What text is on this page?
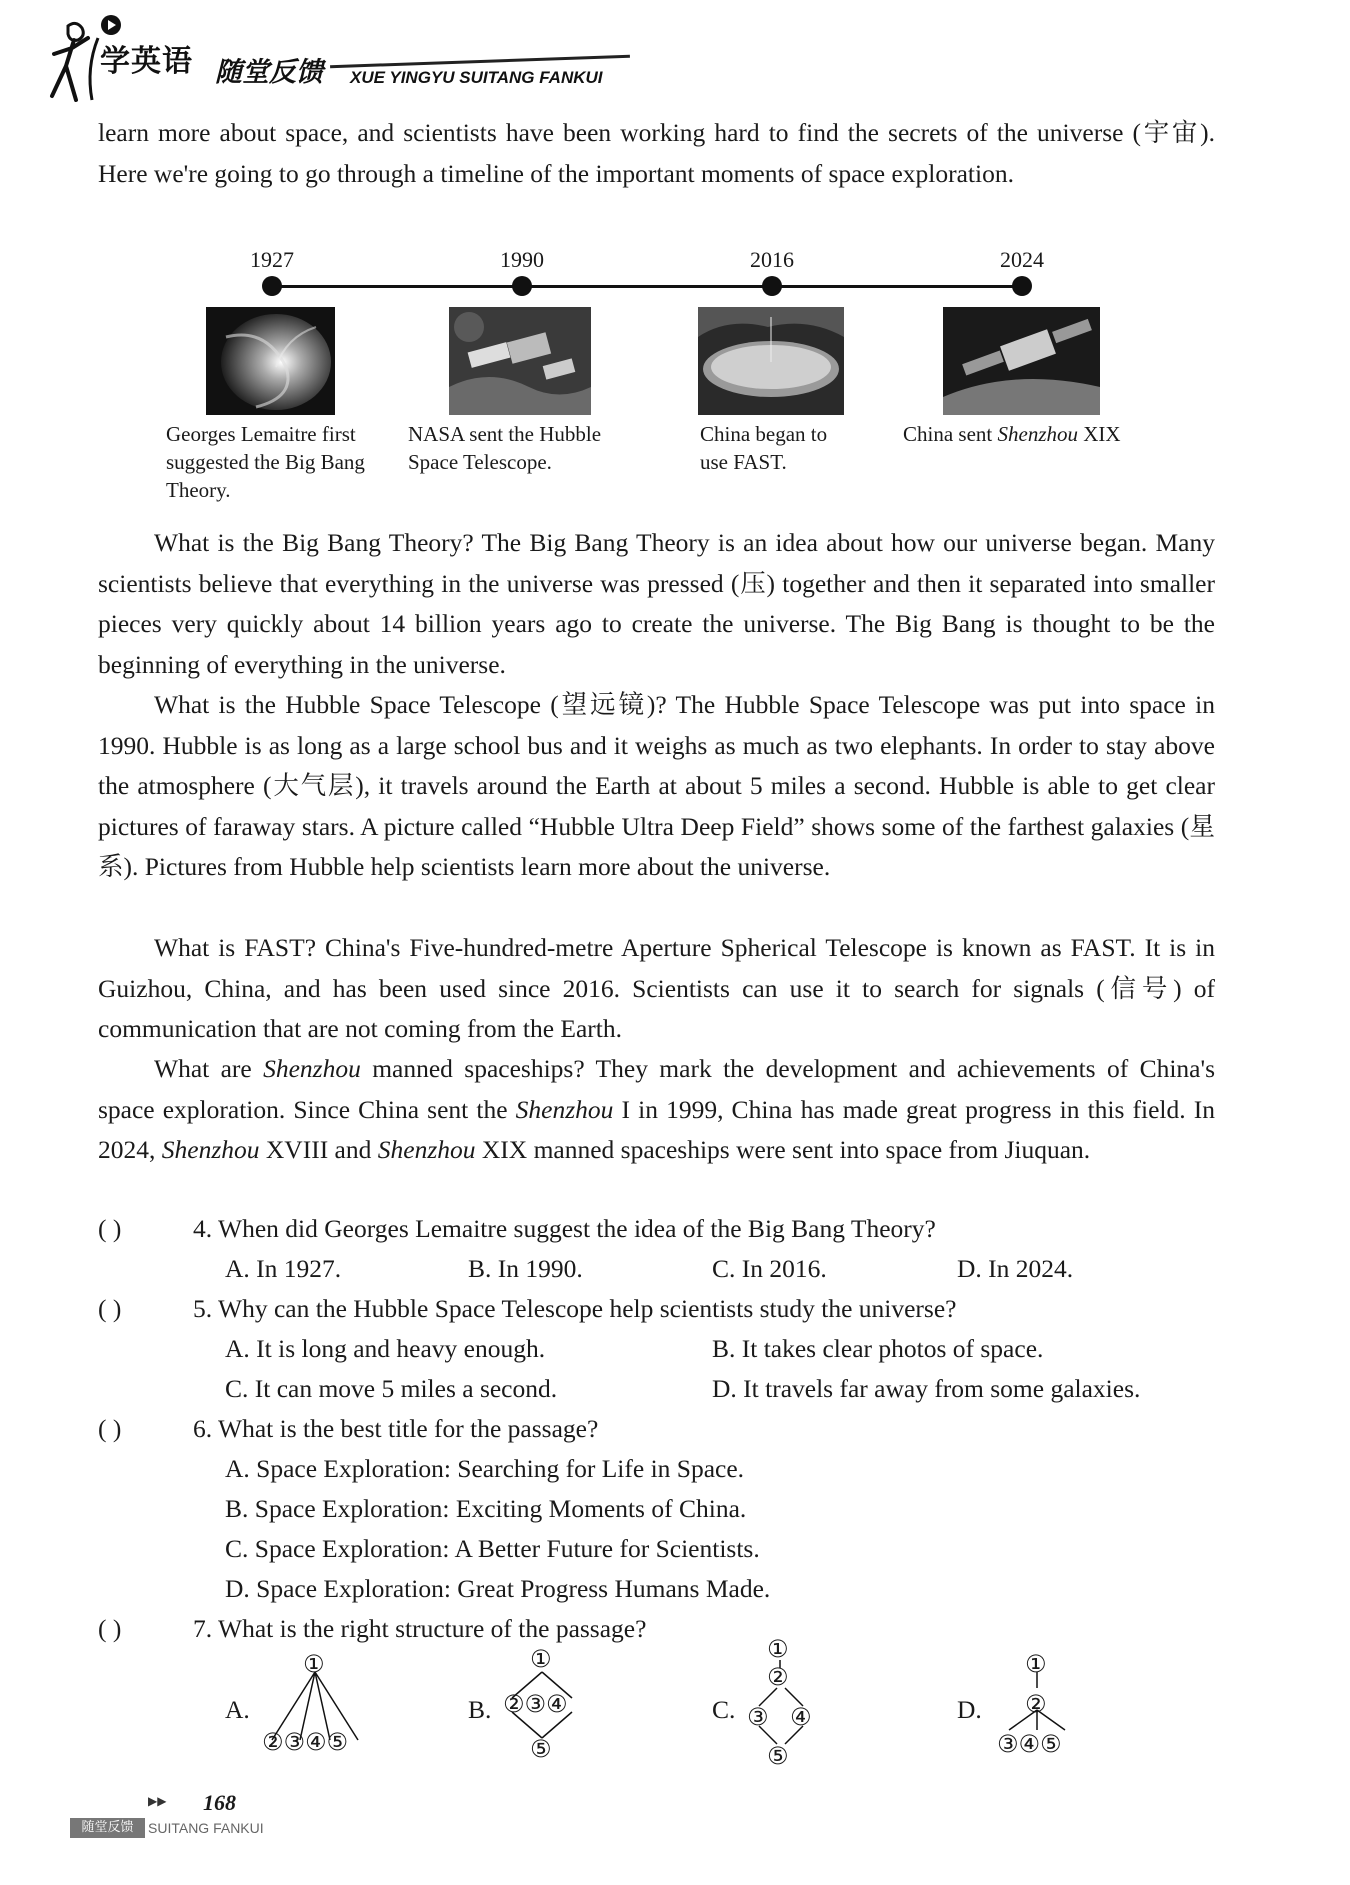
学英语 随堂反馈 XUE YINGYU SUITANG FANKUI
learn more about space, and scientists have been working hard to find the secrets of the universe (宇宙). Here we're going to go through a timeline of the important moments of space exploration.
1927	1990	2016	2024
Georges Lemaitre first suggested the Big Bang Theory.
NASA sent the Hubble Space Telescope.
China began to use FAST.
China sent Shenzhou XIX
What is the Big Bang Theory? The Big Bang Theory is an idea about how our universe began. Many scientists believe that everything in the universe was pressed (压) together and then it separated into smaller pieces very quickly about 14 billion years ago to create the universe. The Big Bang is thought to be the beginning of everything in the universe.
What is the Hubble Space Telescope (望远镜)? The Hubble Space Telescope was put into space in 1990. Hubble is as long as a large school bus and it weighs as much as two elephants. In order to stay above the atmosphere (大气层), it travels around the Earth at about 5 miles a second. Hubble is able to get clear pictures of faraway stars. A picture called “Hubble Ultra Deep Field” shows some of the farthest galaxies (星系). Pictures from Hubble help scientists learn more about the universe.
What is FAST? China's Five-hundred-metre Aperture Spherical Telescope is known as FAST. It is in Guizhou, China, and has been used since 2016. Scientists can use it to search for signals (信号) of communication that are not coming from the Earth.
What are Shenzhou manned spaceships? They mark the development and achievements of China's space exploration. Since China sent the Shenzhou I in 1999, China has made great progress in this field. In 2024, Shenzhou XVIII and Shenzhou XIX manned spaceships were sent into space from Jiuquan.
( )	4. When did Georges Lemaitre suggest the idea of the Big Bang Theory?
A. In 1927.	B. In 1990.	C. In 2016.	D. In 2024.
( )	5. Why can the Hubble Space Telescope help scientists study the universe?
A. It is long and heavy enough.	B. It takes clear photos of space.
C. It can move 5 miles a second.	D. It travels far away from some galaxies.
( )	6. What is the best title for the passage?
A. Space Exploration: Searching for Life in Space.
B. Space Exploration: Exciting Moments of China.
C. Space Exploration: A Better Future for Scientists.
D. Space Exploration: Great Progress Humans Made.
( )	7. What is the right structure of the passage?
A.
①
②③④⑤
B.
①
②③④
⑤
C.
①
②
③ ④
⑤
D.
①
②
③④⑤
▶▶ 168
随堂反馈	SUITANG FANKUI
